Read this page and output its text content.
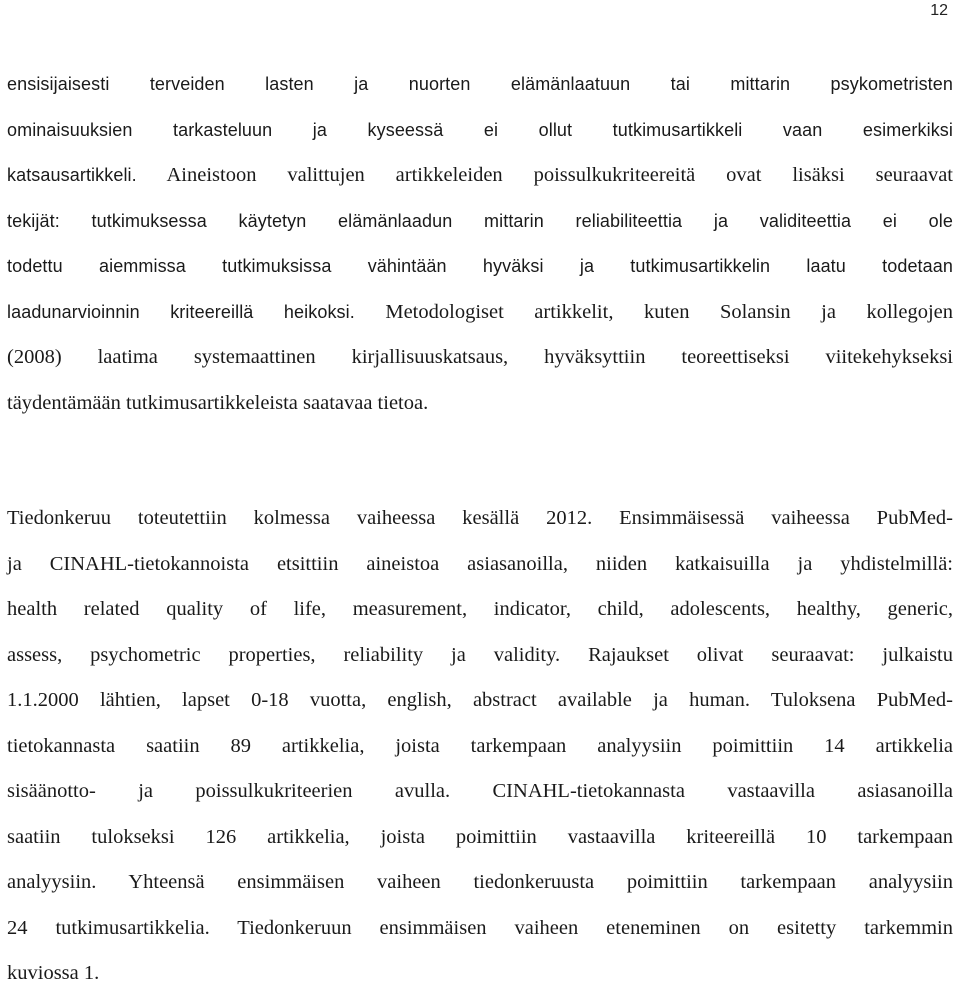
12
ensisijaisesti terveiden lasten ja nuorten elämänlaatuun tai mittarin psykometristen
ominaisuuksien tarkasteluun ja kyseessä ei ollut tutkimusartikkeli vaan esimerkiksi
katsausartikkeli. Aineistoon valittujen artikkeleiden poissulkukriteereitä ovat lisäksi seuraavat
tekijät: tutkimuksessa käytetyn elämänlaadun mittarin reliabiliteettia ja validiteettia ei ole
todettu aiemmissa tutkimuksissa vähintään hyväksi ja tutkimusartikkelin laatu todetaan
laadunarvioinnin kriteereillä heikoksi. Metodologiset artikkelit, kuten Solansin ja kollegojen
(2008) laatima systemaattinen kirjallisuuskatsaus, hyväksyttiin teoreettiseksi viitekehykseksi
täydentämään tutkimusartikkeleista saatavaa tietoa.
Tiedonkeruu toteutettiin kolmessa vaiheessa kesällä 2012. Ensimmäisessä vaiheessa PubMed-
ja CINAHL-tietokannoista etsittiin aineistoa asiasanoilla, niiden katkaisuilla ja yhdistelmillä:
health related quality of life, measurement, indicator, child, adolescents, healthy, generic,
assess, psychometric properties, reliability ja validity. Rajaukset olivat seuraavat: julkaistu
1.1.2000 lähtien, lapset 0-18 vuotta, english, abstract available ja human. Tuloksena PubMed-
tietokannasta saatiin 89 artikkelia, joista tarkempaan analyysiin poimittiin 14 artikkelia
sisäänotto- ja poissulkukriteerien avulla. CINAHL-tietokannasta vastaavilla asiasanoilla
saatiin tulokseksi 126 artikkelia, joista poimittiin vastaavilla kriteereillä 10 tarkempaan
analyysiin. Yhteensä ensimmäisen vaiheen tiedonkeruusta poimittiin tarkempaan analyysiin
24 tutkimusartikkelia. Tiedonkeruun ensimmäisen vaiheen eteneminen on esitetty tarkemmin
kuviossa 1.
